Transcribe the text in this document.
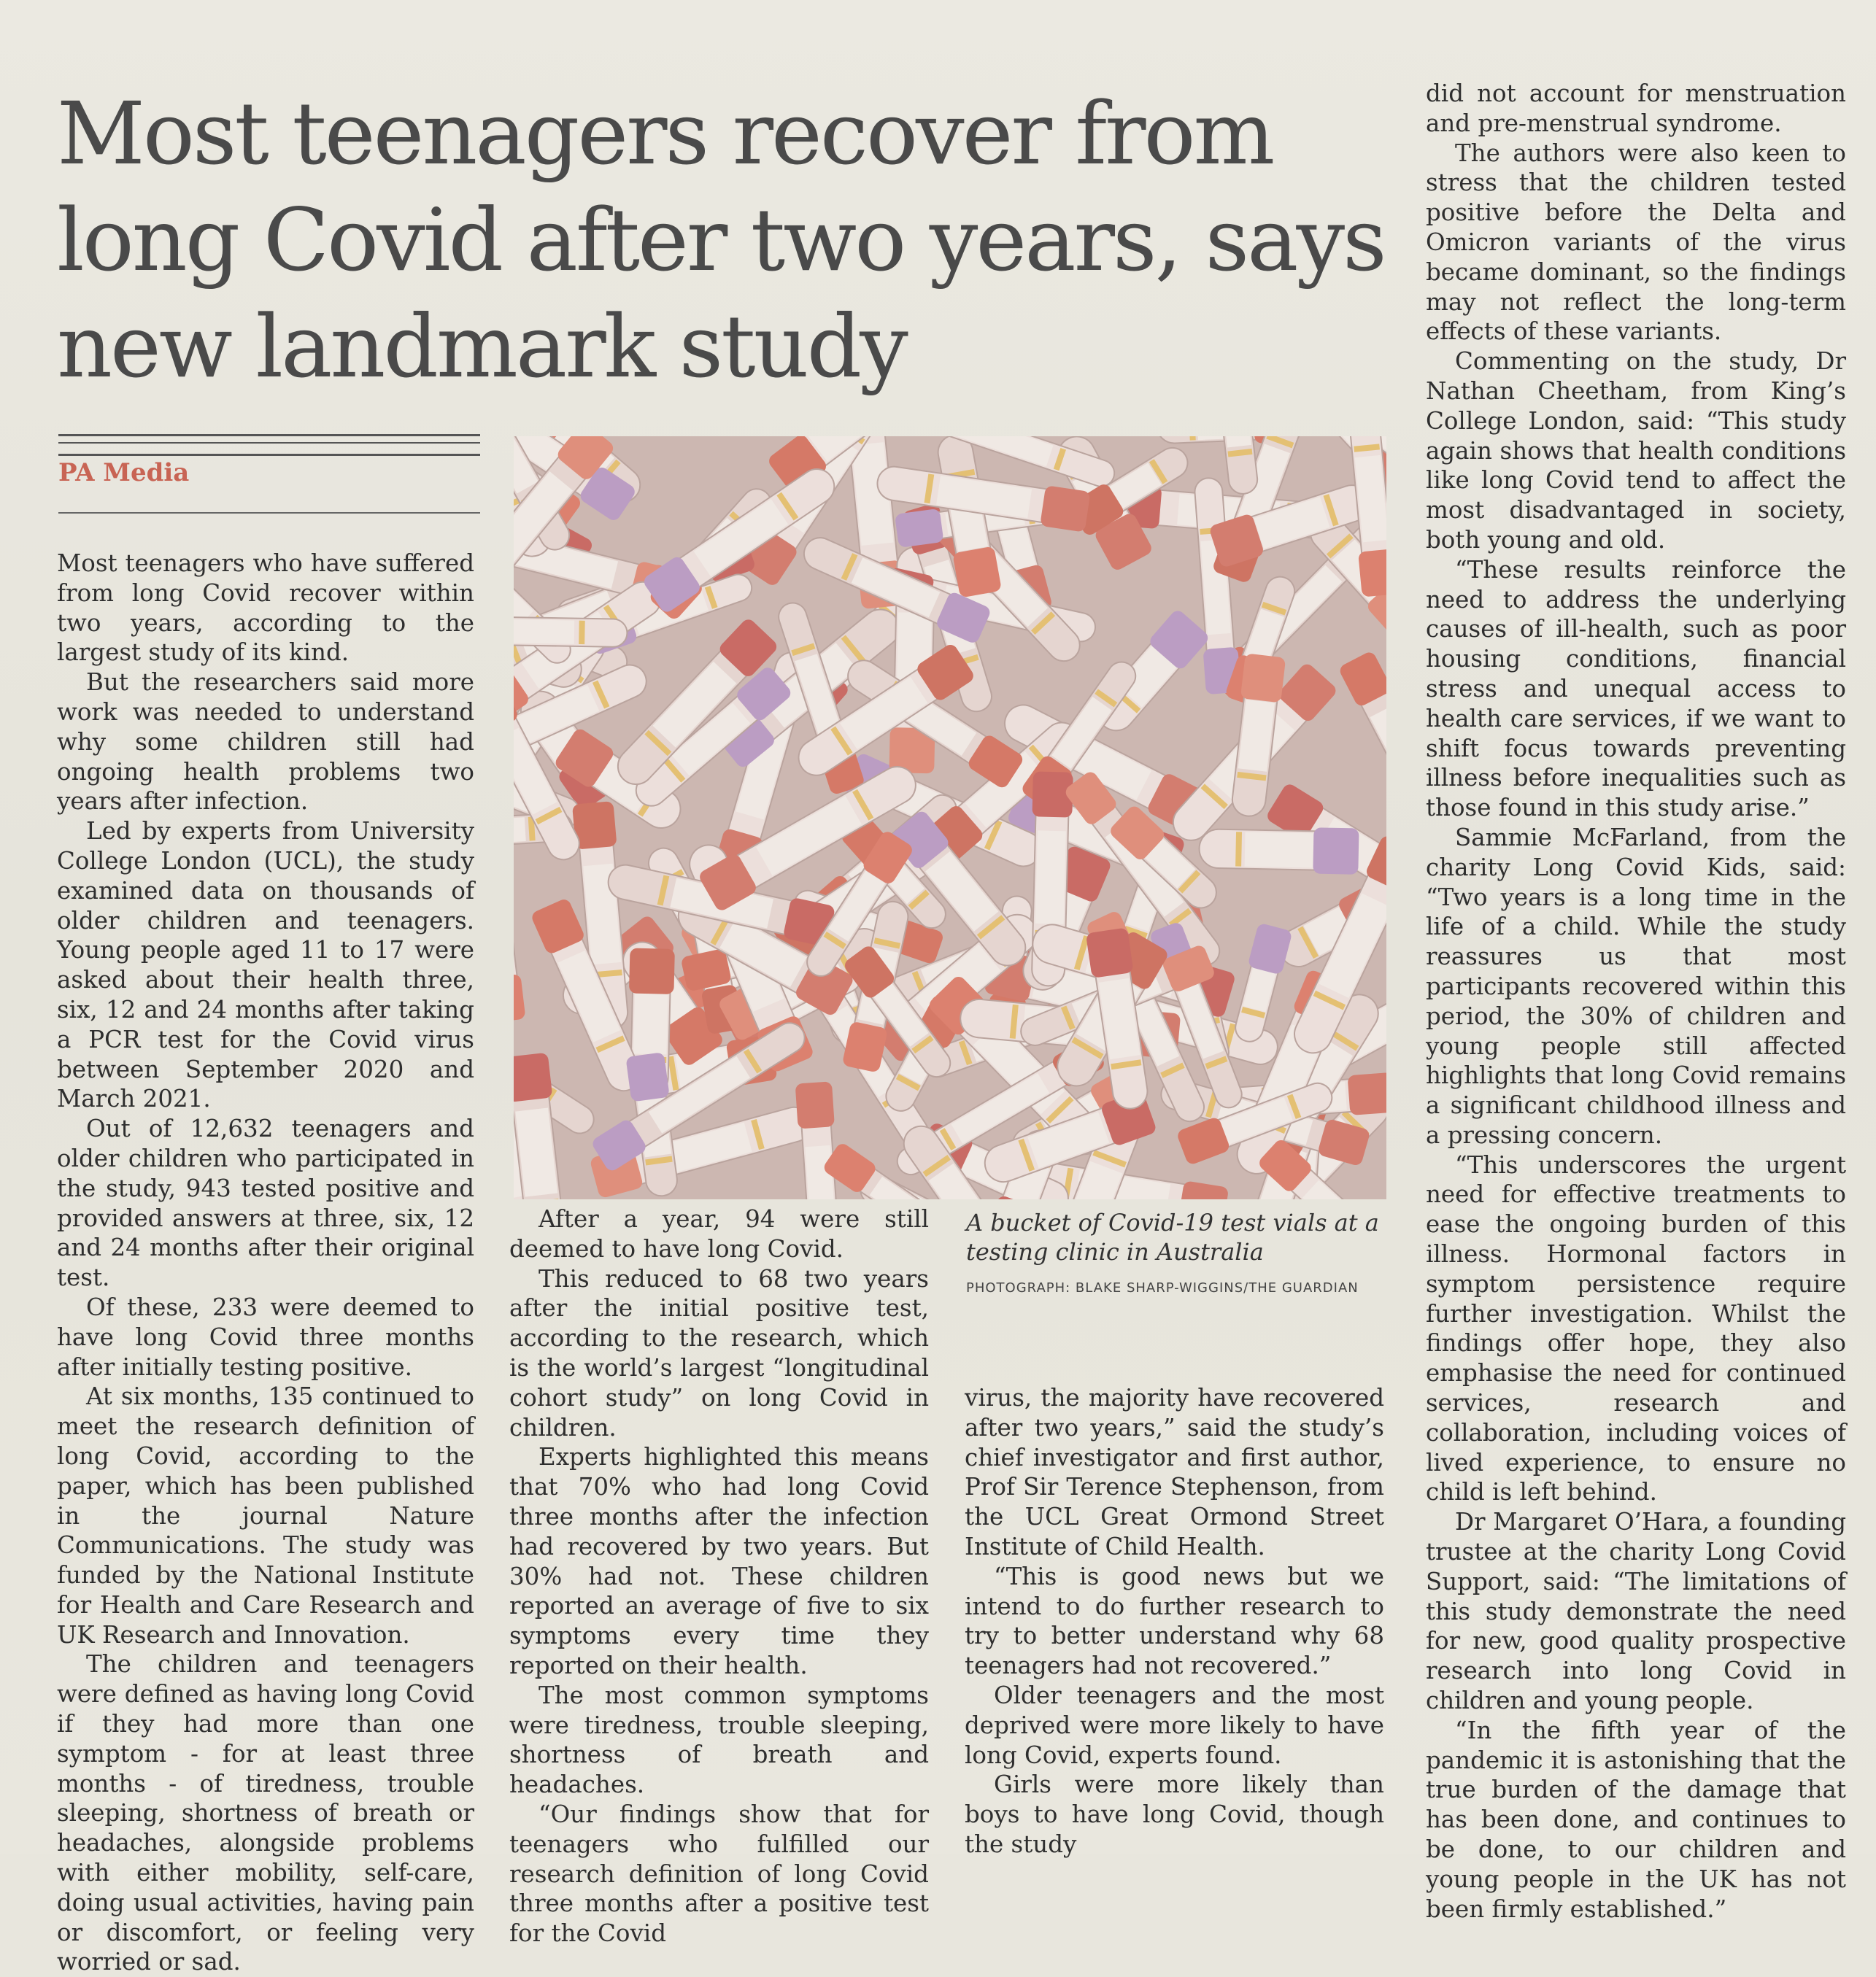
Most teenagers recover from long Covid after two years, says new landmark study
PA Media

Most teenagers who have suffered from long Covid recover within two years, according to the largest study of its kind.

But the researchers said more work was needed to understand why some children still had ongoing health problems two years after infection.

Led by experts from University College London (UCL), the study examined data on thousands of older children and teenagers. Young people aged 11 to 17 were asked about their health three, six, 12 and 24 months after taking a PCR test for the Covid virus between September 2020 and March 2021.

Out of 12,632 teenagers and older children who participated in the study, 943 tested positive and provided answers at three, six, 12 and 24 months after their original test.

Of these, 233 were deemed to have long Covid three months after initially testing positive.

At six months, 135 continued to meet the research definition of long Covid, according to the paper, which has been published in the journal Nature Communications. The study was funded by the National Institute for Health and Care Research and UK Research and Innovation.

The children and teenagers were defined as having long Covid if they had more than one symptom - for at least three months - of tiredness, trouble sleeping, shortness of breath or headaches, alongside problems with either mobility, self-care, doing usual activities, having pain or discomfort, or feeling very worried or sad.

A bucket of Covid-19 test vials at a testing clinic in Australia
PHOTOGRAPH: BLAKE SHARP-WIGGINS/THE GUARDIAN

After a year, 94 were still deemed to have long Covid.

This reduced to 68 two years after the initial positive test, according to the research, which is the world’s largest “longitudinal cohort study” on long Covid in children.

Experts highlighted this means that 70% who had long Covid three months after the infection had recovered by two years. But 30% had not. These children reported an average of five to six symptoms every time they reported on their health.

The most common symptoms were tiredness, trouble sleeping, shortness of breath and headaches.

“Our findings show that for teenagers who fulfilled our research definition of long Covid three months after a positive test for the Covid

virus, the majority have recovered after two years,” said the study’s chief investigator and first author, Prof Sir Terence Stephenson, from the UCL Great Ormond Street Institute of Child Health.

“This is good news but we intend to do further research to try to better understand why 68 teenagers had not recovered.”

Older teenagers and the most deprived were more likely to have long Covid, experts found.

Girls were more likely than boys to have long Covid, though the study

did not account for menstruation and pre-menstrual syndrome.

The authors were also keen to stress that the children tested positive before the Delta and Omicron variants of the virus became dominant, so the findings may not reflect the long-term effects of these variants.

Commenting on the study, Dr Nathan Cheetham, from King’s College London, said: “This study again shows that health conditions like long Covid tend to affect the most disadvantaged in society, both young and old.

“These results reinforce the need to address the underlying causes of ill-health, such as poor housing conditions, financial stress and unequal access to health care services, if we want to shift focus towards preventing illness before inequalities such as those found in this study arise.”

Sammie McFarland, from the charity Long Covid Kids, said: “Two years is a long time in the life of a child. While the study reassures us that most participants recovered within this period, the 30% of children and young people still affected highlights that long Covid remains a significant childhood illness and a pressing concern.

“This underscores the urgent need for effective treatments to ease the ongoing burden of this illness. Hormonal factors in symptom persistence require further investigation. Whilst the findings offer hope, they also emphasise the need for continued services, research and collaboration, including voices of lived experience, to ensure no child is left behind.

Dr Margaret O’Hara, a founding trustee at the charity Long Covid Support, said: “The limitations of this study demonstrate the need for new, good quality prospective research into long Covid in children and young people.

“In the fifth year of the pandemic it is astonishing that the true burden of the damage that has been done, and continues to be done, to our children and young people in the UK has not been firmly established.”
